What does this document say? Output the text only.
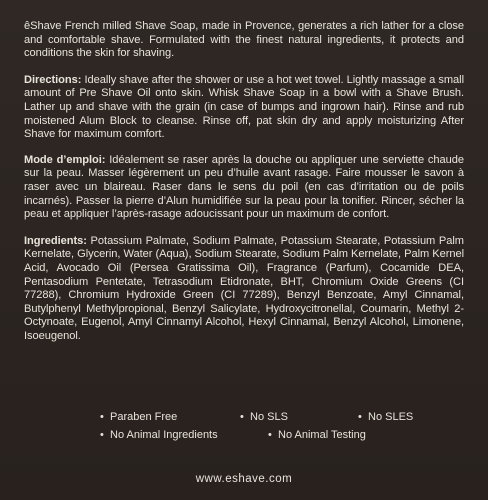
êShave French milled Shave Soap, made in Provence, generates a rich lather for a close and comfortable shave. Formulated with the finest natural ingredients, it protects and conditions the skin for shaving.

Directions: Ideally shave after the shower or use a hot wet towel. Lightly massage a small amount of Pre Shave Oil onto skin. Whisk Shave Soap in a bowl with a Shave Brush. Lather up and shave with the grain (in case of bumps and ingrown hair). Rinse and rub moistened Alum Block to cleanse. Rinse off, pat skin dry and apply moisturizing After Shave for maximum comfort.

Mode d’emploi: Idéalement se raser après la douche ou appliquer une serviette chaude sur la peau. Masser légèrement un peu d’huile avant rasage. Faire mousser le savon à raser avec un blaireau. Raser dans le sens du poil (en cas d’irritation ou de poils incarnés). Passer la pierre d’Alun humidifiée sur la peau pour la tonifier. Rincer, sécher la peau et appliquer l’après-rasage adoucissant pour un maximum de confort.

Ingredients: Potassium Palmate, Sodium Palmate, Potassium Stearate, Potassium Palm Kernelate, Glycerin, Water (Aqua), Sodium Stearate, Sodium Palm Kernelate, Palm Kernel Acid, Avocado Oil (Persea Gratissima Oil), Fragrance (Parfum), Cocamide DEA, Pentasodium Pentetate, Tetrasodium Etidronate, BHT, Chromium Oxide Greens (CI 77288), Chromium Hydroxide Green (CI 77289), Benzyl Benzoate, Amyl Cinnamal, Butylphenyl Methylpropional, Benzyl Salicylate, Hydroxycitronellal, Coumarin, Methyl 2-Octynoate, Eugenol, Amyl Cinnamyl Alcohol, Hexyl Cinnamal, Benzyl Alcohol, Limonene, Isoeugenol.

• Paraben Free	• No SLS	• No SLES
• No Animal Ingredients	• No Animal Testing
www.eshave.com
